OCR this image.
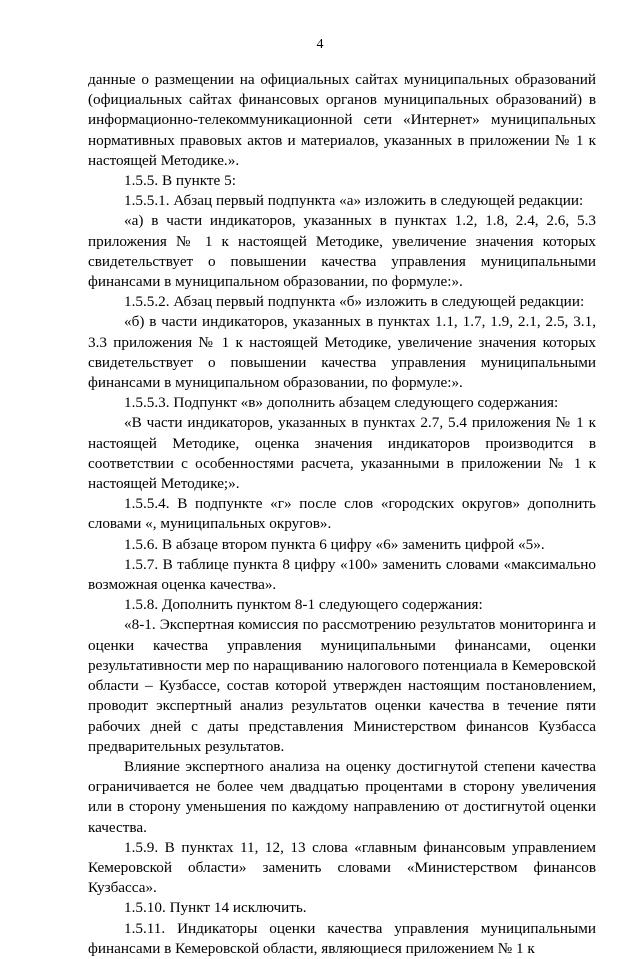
4

данные о размещении на официальных сайтах муниципальных образований (официальных сайтах финансовых органов муниципальных образований) в информационно-телекоммуникационной сети «Интернет» муниципальных нормативных правовых актов и материалов, указанных в приложении № 1 к настоящей Методике.».

1.5.5. В пункте 5:

1.5.5.1. Абзац первый подпункта «а» изложить в следующей редакции:

«а) в части индикаторов, указанных в пунктах 1.2, 1.8, 2.4, 2.6, 5.3 приложения № 1 к настоящей Методике, увеличение значения которых свидетельствует о повышении качества управления муниципальными финансами в муниципальном образовании, по формуле:».

1.5.5.2. Абзац первый подпункта «б» изложить в следующей редакции:

«б) в части индикаторов, указанных в пунктах 1.1, 1.7, 1.9, 2.1, 2.5, 3.1, 3.3 приложения № 1 к настоящей Методике, увеличение значения которых свидетельствует о повышении качества управления муниципальными финансами в муниципальном образовании, по формуле:».

1.5.5.3. Подпункт «в» дополнить абзацем следующего содержания:

«В части индикаторов, указанных в пунктах 2.7, 5.4 приложения № 1 к настоящей Методике, оценка значения индикаторов производится в соответствии с особенностями расчета, указанными в приложении № 1 к настоящей Методике;».

1.5.5.4. В подпункте «г» после слов «городских округов» дополнить словами «, муниципальных округов».

1.5.6. В абзаце втором пункта 6 цифру «6» заменить цифрой «5».

1.5.7. В таблице пункта 8 цифру «100» заменить словами «максимально возможная оценка качества».

1.5.8. Дополнить пунктом 8-1 следующего содержания:

«8-1. Экспертная комиссия по рассмотрению результатов мониторинга и оценки качества управления муниципальными финансами, оценки результативности мер по наращиванию налогового потенциала в Кемеровской области – Кузбассе, состав которой утвержден настоящим постановлением, проводит экспертный анализ результатов оценки качества в течение пяти рабочих дней с даты представления Министерством финансов Кузбасса предварительных результатов.

Влияние экспертного анализа на оценку достигнутой степени качества ограничивается не более чем двадцатью процентами в сторону увеличения или в сторону уменьшения по каждому направлению от достигнутой оценки качества.

1.5.9. В пунктах 11, 12, 13 слова «главным финансовым управлением Кемеровской области» заменить словами «Министерством финансов Кузбасса».

1.5.10. Пункт 14 исключить.

1.5.11. Индикаторы оценки качества управления муниципальными финансами в Кемеровской области, являющиеся приложением № 1 к
